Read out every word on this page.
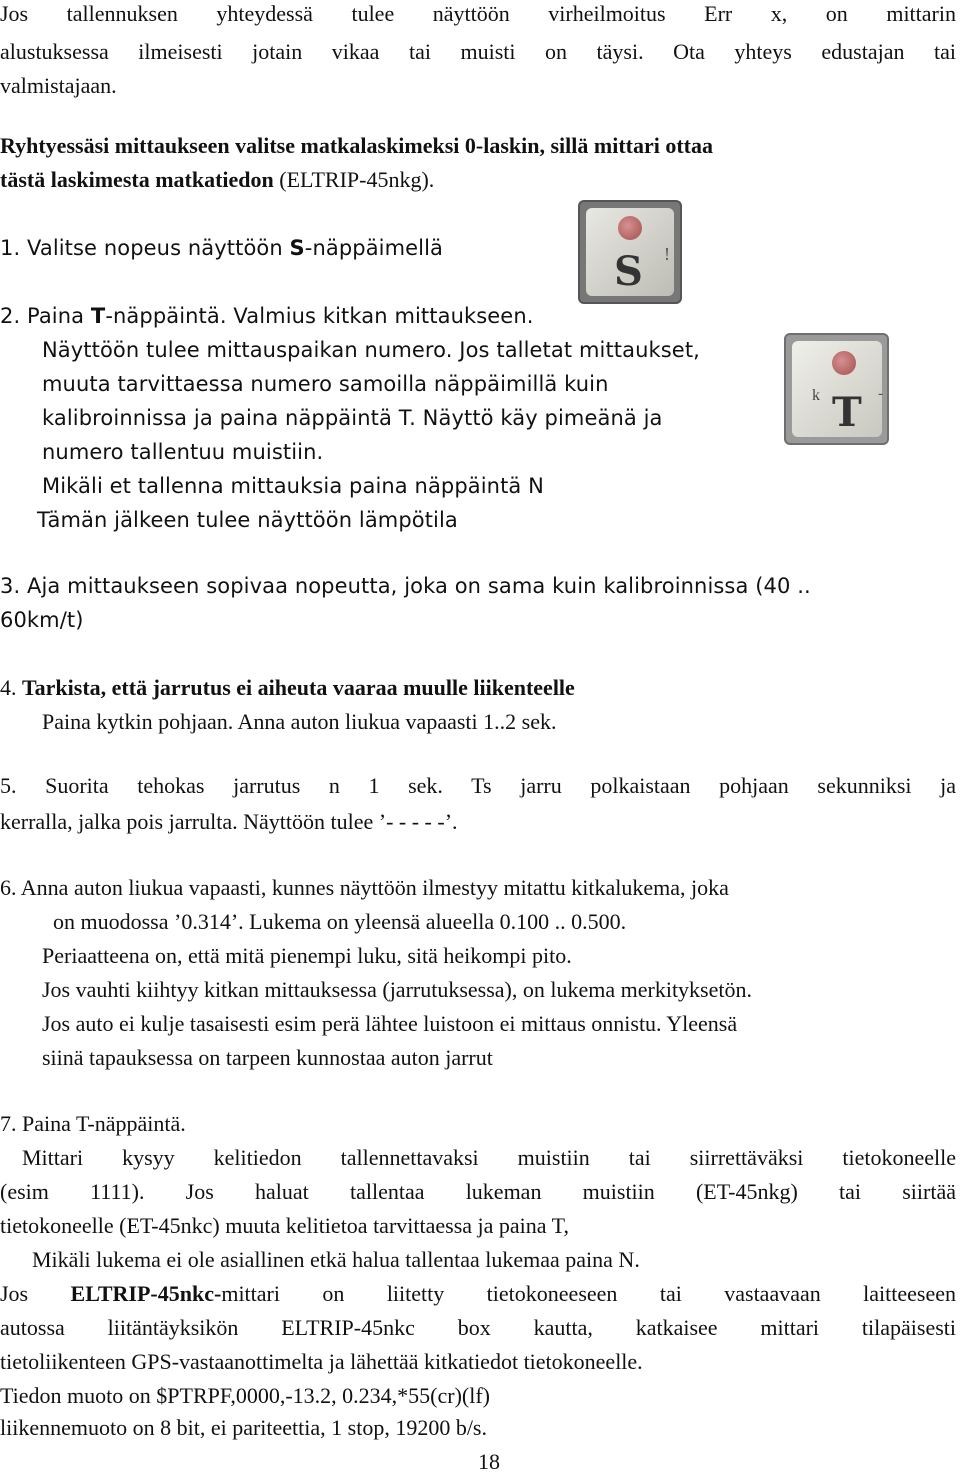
Jos tallennuksen yhteydessä tulee näyttöön virheilmoitus Err x, on mittarin
alustuksessa ilmeisesti jotain vikaa tai muisti on täysi. Ota yhteys edustajan tai
valmistajaan.
Ryhtyessäsi mittaukseen valitse matkalaskimeksi 0-laskin, sillä mittari ottaa
tästä laskimesta matkatiedon (ELTRIP-45nkg).
1. Valitse nopeus näyttöön S-näppäimellä	S !
2. Paina T-näppäintä. Valmius kitkan mittaukseen.
Näyttöön tulee mittauspaikan numero. Jos talletat mittaukset,
muuta tarvittaessa numero samoilla näppäimillä kuin
kalibroinnissa ja paina näppäintä T. Näyttö käy pimeänä ja
numero tallentuu muistiin.
Mikäli et tallenna mittauksia paina näppäintä N
Tämän jälkeen tulee näyttöön lämpötila
k T -
3. Aja mittaukseen sopivaa nopeutta, joka on sama kuin kalibroinnissa (40 ..
60km/t)
4. Tarkista, että jarrutus ei aiheuta vaaraa muulle liikenteelle
Paina kytkin pohjaan. Anna auton liukua vapaasti 1..2 sek.
5. Suorita tehokas jarrutus n 1 sek. Ts jarru polkaistaan pohjaan sekunniksi ja
kerralla, jalka pois jarrulta. Näyttöön tulee ’- - - - -’.
6. Anna auton liukua vapaasti, kunnes näyttöön ilmestyy mitattu kitkalukema, joka
on muodossa ’0.314’. Lukema on yleensä alueella 0.100 .. 0.500.
Periaatteena on, että mitä pienempi luku, sitä heikompi pito.
Jos vauhti kiihtyy kitkan mittauksessa (jarrutuksessa), on lukema merkityksetön.
Jos auto ei kulje tasaisesti esim perä lähtee luistoon ei mittaus onnistu. Yleensä
siinä tapauksessa on tarpeen kunnostaa auton jarrut
7. Paina T-näppäintä.
Mittari kysyy kelitiedon tallennettavaksi muistiin tai siirrettäväksi tietokoneelle
(esim 1111). Jos haluat tallentaa lukeman muistiin (ET-45nkg) tai siirtää
tietokoneelle (ET-45nkc) muuta kelitietoa tarvittaessa ja paina T,
Mikäli lukema ei ole asiallinen etkä halua tallentaa lukemaa paina N.
Jos ELTRIP-45nkc-mittari on liitetty tietokoneeseen tai vastaavaan laitteeseen
autossa liitäntäyksikön ELTRIP-45nkc box kautta, katkaisee mittari tilapäisesti
tietoliikenteen GPS-vastaanottimelta ja lähettää kitkatiedot tietokoneelle.
Tiedon muoto on $PTRPF,0000,-13.2, 0.234,*55(cr)(lf)
liikennemuoto on 8 bit, ei pariteettia, 1 stop, 19200 b/s.
18
